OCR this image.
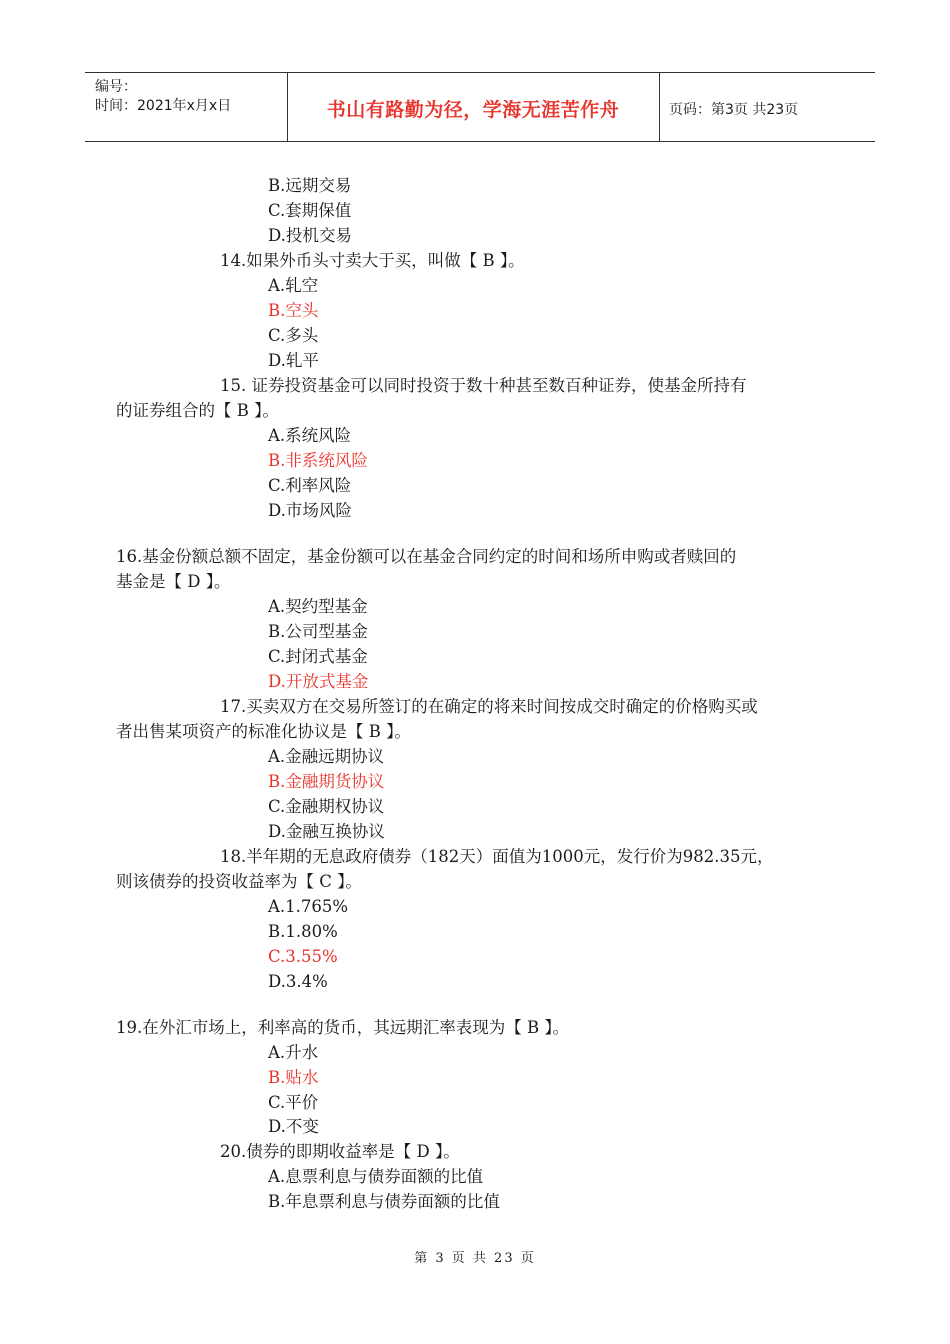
编号：
时间：2021年x月x日	书山有路勤为径，学海无涯苦作舟	页码：第3页 共23页
B.远期交易
C.套期保值
D.投机交易
14.如果外币头寸卖大于买，叫做【 B 】。
A.轧空
B.空头
C.多头
D.轧平
15. 证券投资基金可以同时投资于数十种甚至数百种证券，使基金所持有
的证券组合的【 B 】。
A.系统风险
B.非系统风险
C.利率风险
D.市场风险
16.基金份额总额不固定，基金份额可以在基金合同约定的时间和场所申购或者赎回的
基金是【 D 】。
A.契约型基金
B.公司型基金
C.封闭式基金
D.开放式基金
17.买卖双方在交易所签订的在确定的将来时间按成交时确定的价格购买或
者出售某项资产的标准化协议是【 B 】。
A.金融远期协议
B.金融期货协议
C.金融期权协议
D.金融互换协议
18.半年期的无息政府债券（182天）面值为1000元，发行价为982.35元，
则该债券的投资收益率为【 C 】。
A.1.765%
B.1.80%
C.3.55%
D.3.4%
19.在外汇市场上，利率高的货币，其远期汇率表现为【 B 】。
A.升水
B.贴水
C.平价
D.不变
20.债券的即期收益率是【 D 】。
A.息票利息与债券面额的比值
B.年息票利息与债券面额的比值
第 3 页 共 23 页
